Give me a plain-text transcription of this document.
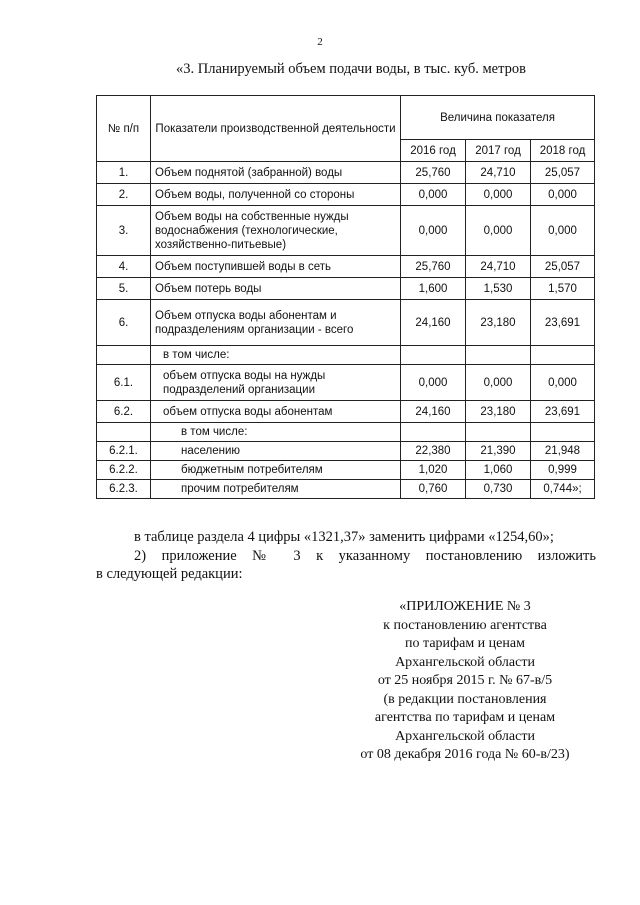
2
«3. Планируемый объем подачи воды, в тыс. куб. метров
№ п/п	Показатели производственной деятельности	Величина показателя		
		2016 год	2017 год	2018 год
1.	Объем поднятой (забранной) воды	25,760	24,710	25,057
2.	Объем воды, полученной со стороны	0,000	0,000	0,000
3.	Объем воды на собственные нужды водоснабжения (технологические, хозяйственно-питьевые)	0,000	0,000	0,000
4.	Объем поступившей воды в сеть	25,760	24,710	25,057
5.	Объем потерь воды	1,600	1,530	1,570
6.	Объем отпуска воды абонентам и подразделениям организации - всего	24,160	23,180	23,691
	в том числе:			
6.1.	объем отпуска воды на нужды подразделений организации	0,000	0,000	0,000
6.2.	объем отпуска воды абонентам	24,160	23,180	23,691
	в том числе:			
6.2.1.	населению	22,380	21,390	21,948
6.2.2.	бюджетным потребителям	1,020	1,060	0,999
6.2.3.	прочим потребителям	0,760	0,730	0,744»;
в таблице раздела 4 цифры «1321,37» заменить цифрами «1254,60»;
2) приложение № 3 к указанному постановлению изложить
в следующей редакции:
«ПРИЛОЖЕНИЕ № 3
к постановлению агентства
по тарифам и ценам
Архангельской области
от 25 ноября 2015 г. № 67-в/5
(в редакции постановления
агентства по тарифам и ценам
Архангельской области
от 08 декабря 2016 года № 60-в/23)
